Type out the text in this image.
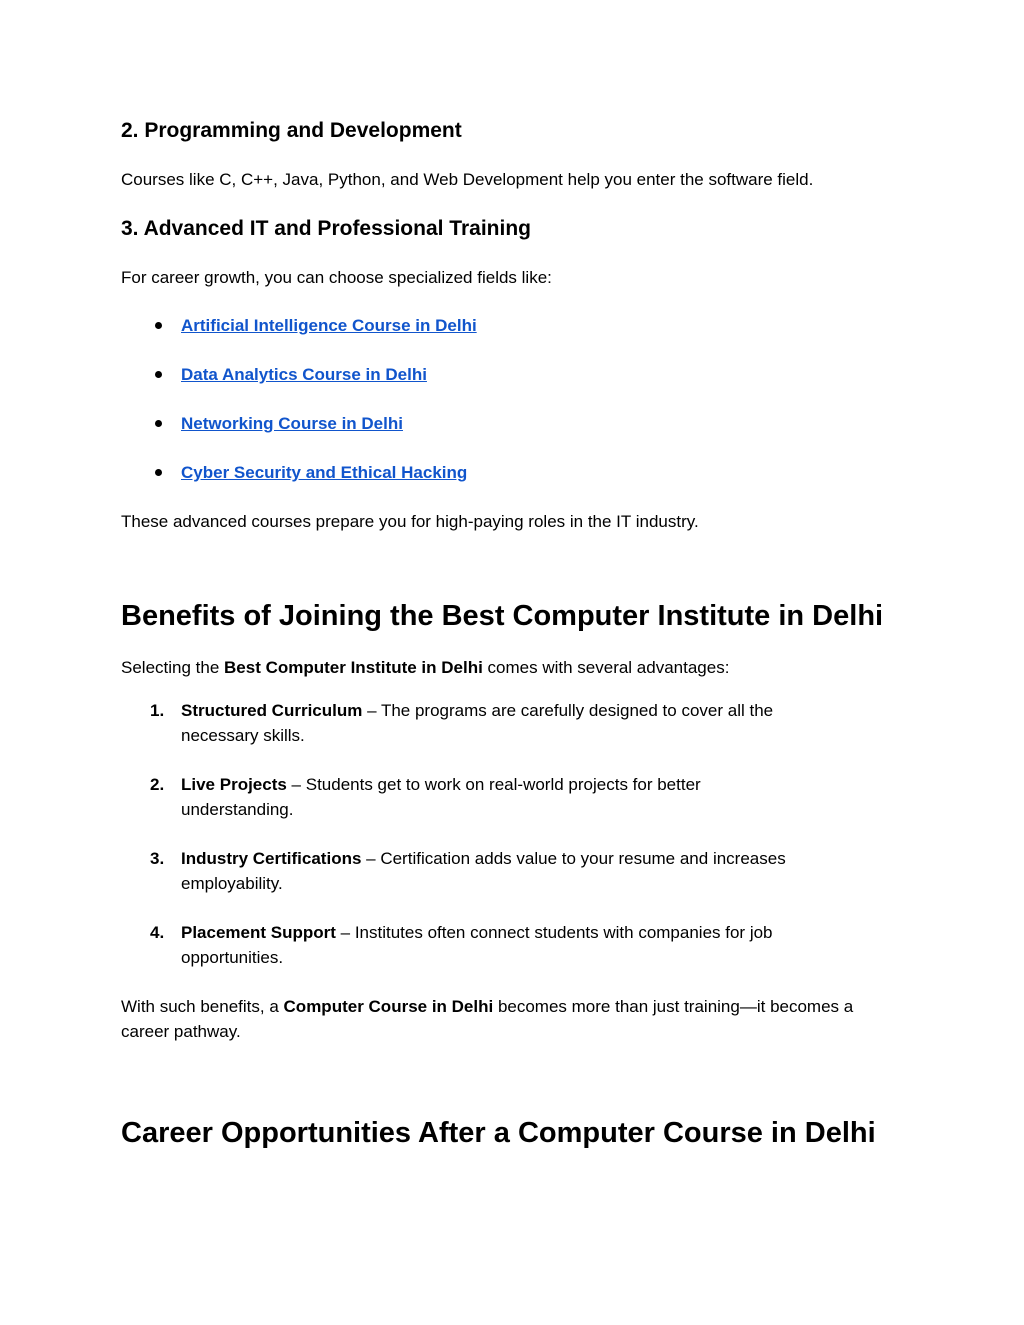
2. Programming and Development

Courses like C, C++, Java, Python, and Web Development help you enter the software field.

3. Advanced IT and Professional Training

For career growth, you can choose specialized fields like:

Artificial Intelligence Course in Delhi
Data Analytics Course in Delhi
Networking Course in Delhi
Cyber Security and Ethical Hacking

These advanced courses prepare you for high-paying roles in the IT industry.

Benefits of Joining the Best Computer Institute in Delhi

Selecting the Best Computer Institute in Delhi comes with several advantages:

1. Structured Curriculum – The programs are carefully designed to cover all the necessary skills.
2. Live Projects – Students get to work on real-world projects for better understanding.
3. Industry Certifications – Certification adds value to your resume and increases employability.
4. Placement Support – Institutes often connect students with companies for job opportunities.

With such benefits, a Computer Course in Delhi becomes more than just training—it becomes a career pathway.

Career Opportunities After a Computer Course in Delhi
